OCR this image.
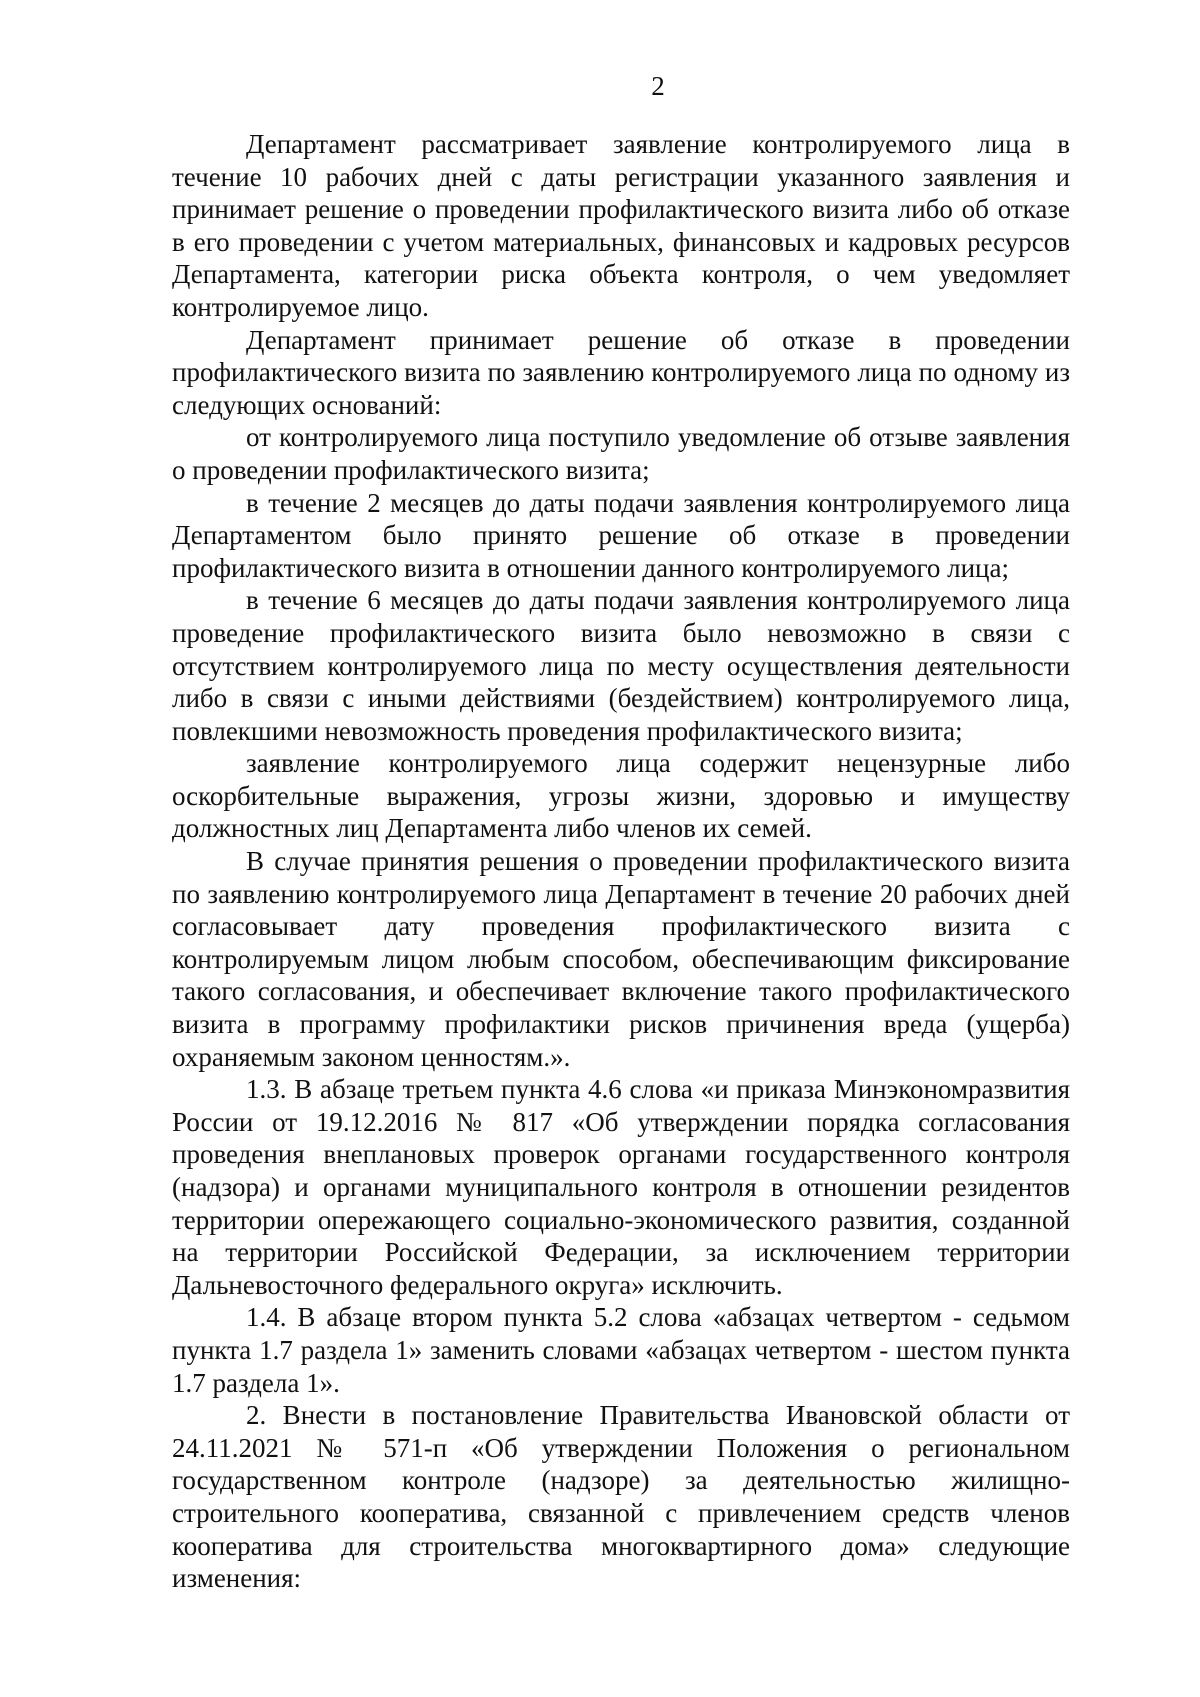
2

Департамент рассматривает заявление контролируемого лица в течение 10 рабочих дней с даты регистрации указанного заявления и принимает решение о проведении профилактического визита либо об отказе в его проведении с учетом материальных, финансовых и кадровых ресурсов Департамента, категории риска объекта контроля, о чем уведомляет контролируемое лицо.

Департамент принимает решение об отказе в проведении профилактического визита по заявлению контролируемого лица по одному из следующих оснований:

от контролируемого лица поступило уведомление об отзыве заявления о проведении профилактического визита;

в течение 2 месяцев до даты подачи заявления контролируемого лица Департаментом было принято решение об отказе в проведении профилактического визита в отношении данного контролируемого лица;

в течение 6 месяцев до даты подачи заявления контролируемого лица проведение профилактического визита было невозможно в связи с отсутствием контролируемого лица по месту осуществления деятельности либо в связи с иными действиями (бездействием) контролируемого лица, повлекшими невозможность проведения профилактического визита;

заявление контролируемого лица содержит нецензурные либо оскорбительные выражения, угрозы жизни, здоровью и имуществу должностных лиц Департамента либо членов их семей.

В случае принятия решения о проведении профилактического визита по заявлению контролируемого лица Департамент в течение 20 рабочих дней согласовывает дату проведения профилактического визита с контролируемым лицом любым способом, обеспечивающим фиксирование такого согласования, и обеспечивает включение такого профилактического визита в программу профилактики рисков причинения вреда (ущерба) охраняемым законом ценностям.».

1.3. В абзаце третьем пункта 4.6 слова «и приказа Минэкономразвития России от 19.12.2016 № 817 «Об утверждении порядка согласования проведения внеплановых проверок органами государственного контроля (надзора) и органами муниципального контроля в отношении резидентов территории опережающего социально-экономического развития, созданной на территории Российской Федерации, за исключением территории Дальневосточного федерального округа» исключить.

1.4. В абзаце втором пункта 5.2 слова «абзацах четвертом - седьмом пункта 1.7 раздела 1» заменить словами «абзацах четвертом - шестом пункта 1.7 раздела 1».

2. Внести в постановление Правительства Ивановской области от 24.11.2021 № 571-п «Об утверждении Положения о региональном государственном контроле (надзоре) за деятельностью жилищно-строительного кооператива, связанной с привлечением средств членов кооператива для строительства многоквартирного дома» следующие изменения:
